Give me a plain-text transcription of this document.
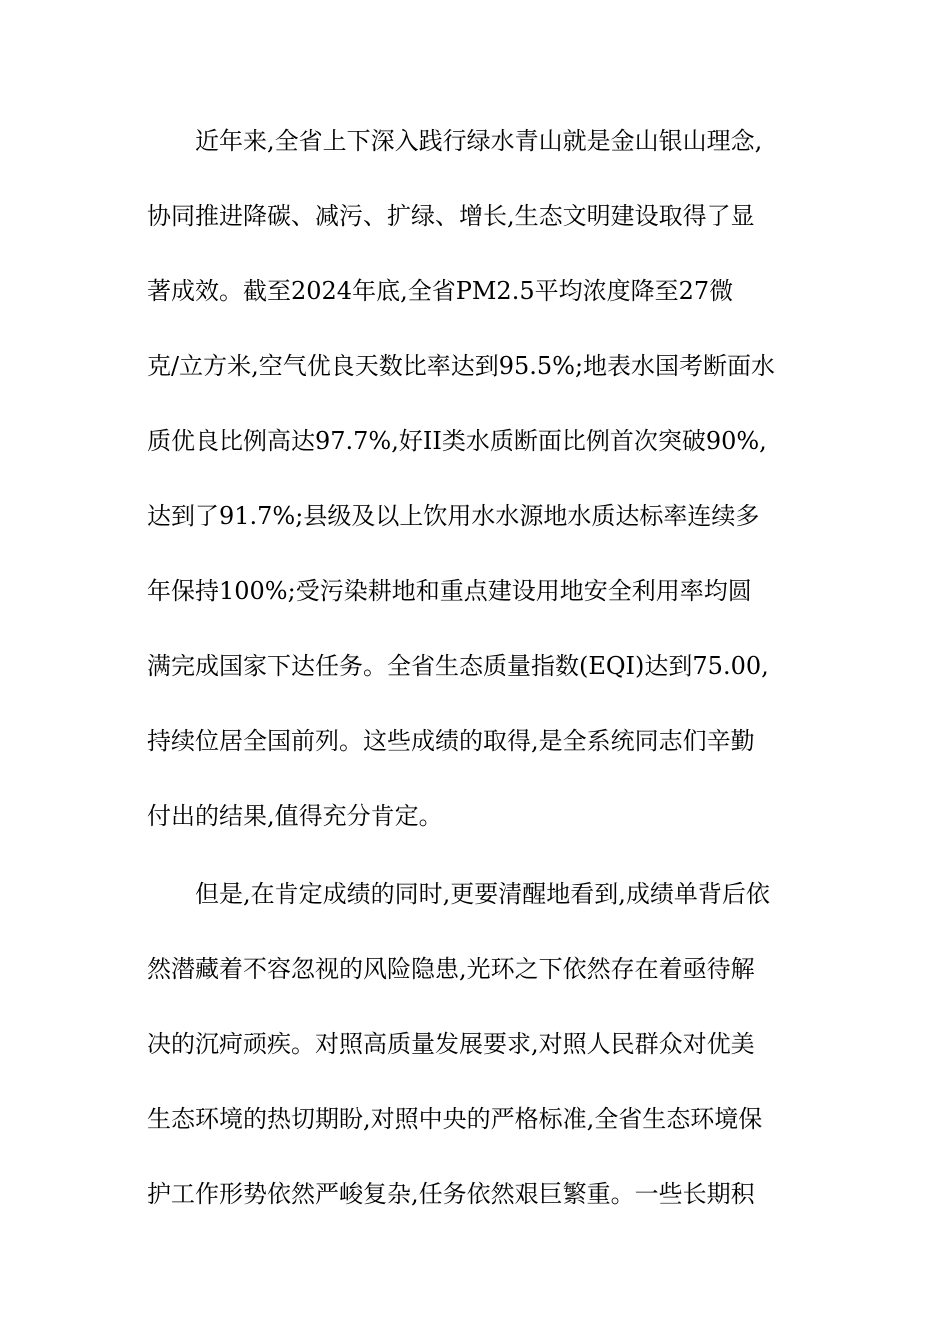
近年来,全省上下深入践行绿水青山就是金山银山理念,
协同推进降碳、减污、扩绿、增长,生态文明建设取得了显
著成效。截至2024年底,全省PM2.5平均浓度降至27微
克/立方米,空气优良天数比率达到95.5%;地表水国考断面水
质优良比例高达97.7%,好II类水质断面比例首次突破90%,
达到了91.7%;县级及以上饮用水水源地水质达标率连续多
年保持100%;受污染耕地和重点建设用地安全利用率均圆
满完成国家下达任务。全省生态质量指数(EQI)达到75.00,
持续位居全国前列。这些成绩的取得,是全系统同志们辛勤
付出的结果,值得充分肯定。
但是,在肯定成绩的同时,更要清醒地看到,成绩单背后依
然潜藏着不容忽视的风险隐患,光环之下依然存在着亟待解
决的沉疴顽疾。对照高质量发展要求,对照人民群众对优美
生态环境的热切期盼,对照中央的严格标准,全省生态环境保
护工作形势依然严峻复杂,任务依然艰巨繁重。一些长期积
